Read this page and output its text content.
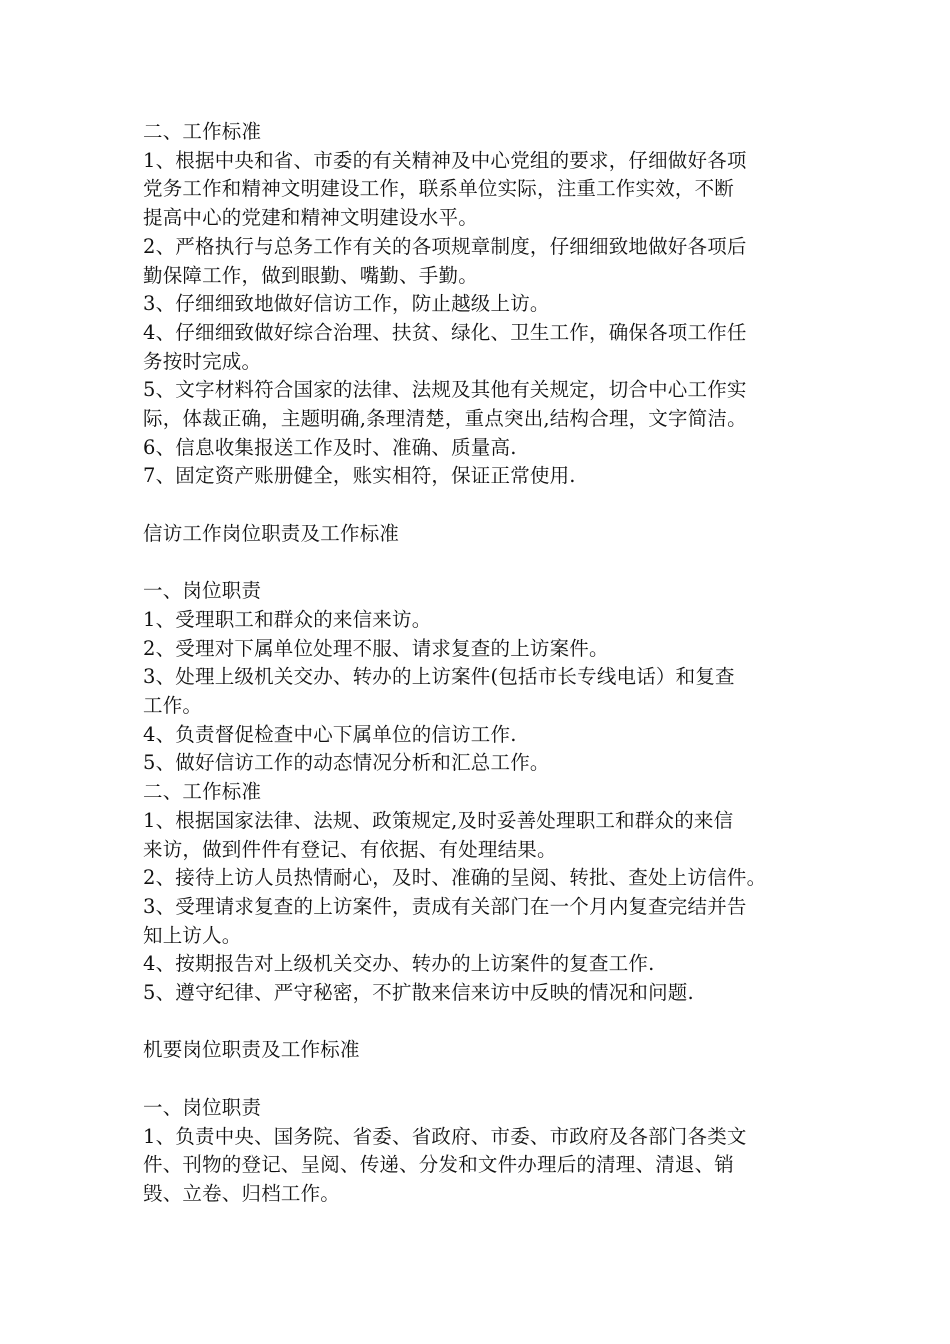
二、工作标准
1、根据中央和省、市委的有关精神及中心党组的要求，仔细做好各项
党务工作和精神文明建设工作，联系单位实际，注重工作实效，不断
提高中心的党建和精神文明建设水平。
2、严格执行与总务工作有关的各项规章制度，仔细细致地做好各项后
勤保障工作，做到眼勤、嘴勤、手勤。
3、仔细细致地做好信访工作，防止越级上访。
4、仔细细致做好综合治理、扶贫、绿化、卫生工作，确保各项工作任
务按时完成。
5、文字材料符合国家的法律、法规及其他有关规定，切合中心工作实
际，体裁正确，主题明确,条理清楚，重点突出,结构合理，文字简洁。
6、信息收集报送工作及时、准确、质量高.
7、固定资产账册健全，账实相符，保证正常使用.
信访工作岗位职责及工作标准
一、岗位职责
1、受理职工和群众的来信来访。
2、受理对下属单位处理不服、请求复查的上访案件。
3、处理上级机关交办、转办的上访案件(包括市长专线电话）和复查
工作。
4、负责督促检查中心下属单位的信访工作.
5、做好信访工作的动态情况分析和汇总工作。
二、工作标准
1、根据国家法律、法规、政策规定,及时妥善处理职工和群众的来信
来访，做到件件有登记、有依据、有处理结果。
2、接待上访人员热情耐心，及时、准确的呈阅、转批、查处上访信件。
3、受理请求复查的上访案件，责成有关部门在一个月内复查完结并告
知上访人。
4、按期报告对上级机关交办、转办的上访案件的复查工作.
5、遵守纪律、严守秘密，不扩散来信来访中反映的情况和问题.
机要岗位职责及工作标准
一、岗位职责
1、负责中央、国务院、省委、省政府、市委、市政府及各部门各类文
件、刊物的登记、呈阅、传递、分发和文件办理后的清理、清退、销
毁、立卷、归档工作。
